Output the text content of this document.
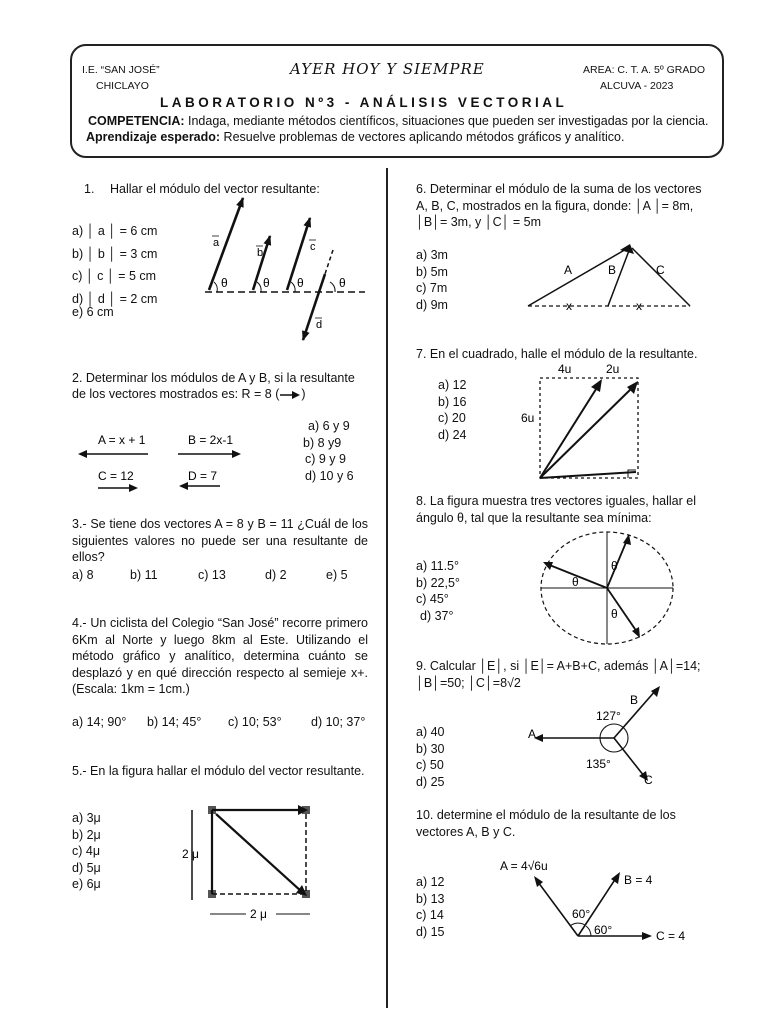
I.E. “SAN JOSÉ”
CHICLAYO
AYER HOY Y SIEMPRE	AREA: C. T. A. 5º GRADO
ALCUVA - 2023
LABORATORIO Nº3 - ANÁLISIS VECTORIAL
COMPETENCIA: Indaga, mediante métodos científicos, situaciones que pueden ser investigadas por la ciencia.
Aprendizaje esperado: Resuelve problemas de vectores aplicando métodos gráficos y analítico.
1. Hallar el módulo del vector resultante:
a) │ a │ = 6 cm
b) │ b │ = 3 cm
c) │ c │ = 5 cm
d) │ d │ = 2 cm
e) 6 cm
a
b	c
d
θ	θ θ	θ
2. Determinar los módulos de A y B, si la resultante
de los vectores mostrados es: R = 8 ( )
a) 6 y 9
b) 8 y9
c) 9 y 9
d) 10 y 6
A = x + 1	B = 2x-1
C = 12	D = 7
3.- Se tiene dos vectores A = 8 y B = 11 ¿Cuál de los siguientes valores no puede ser una resultante de ellos?
a) 8	b) 11	c) 13	d) 2	e) 5
4.- Un ciclista del Colegio “San José” recorre primero 6Km al Norte y luego 8km al Este. Utilizando el método gráfico y analítico, determina cuánto se desplazó y en qué dirección respecto al semieje x+. (Escala: 1km = 1cm.)
a) 14; 90° b) 14; 45° c) 10; 53° d) 10; 37°
5.- En la figura hallar el módulo del vector resultante.
a) 3μ
b) 2μ
c) 4μ
d) 5μ
e) 6μ
2 μ
2 μ
6. Determinar el módulo de la suma de los vectores A, B, C, mostrados en la figura, donde: │A │= 8m, │B│= 3m, y │C│ = 5m
a) 3m
b) 5m
c) 7m
d) 9m
A	B	C
x	x
7. En el cuadrado, halle el módulo de la resultante.
a) 12
b) 16
c) 20
d) 24
4u	2u
6u
8. La figura muestra tres vectores iguales, hallar el ángulo θ, tal que la resultante sea mínima:
a) 11.5°
b) 22,5°
c) 45°
d) 37°
θ
θ
θ
9. Calcular │E│, si │E│= A+B+C, además │A│=14;
│B│=50; │C│=8√2
a) 40
b) 30
c) 50
d) 25
A
B
C
127°
135°
10. determine el módulo de la resultante de los vectores A, B y C.
a) 12
b) 13
c) 14
d) 15
A = 4√6u
B = 4
C = 4
60°
60°
